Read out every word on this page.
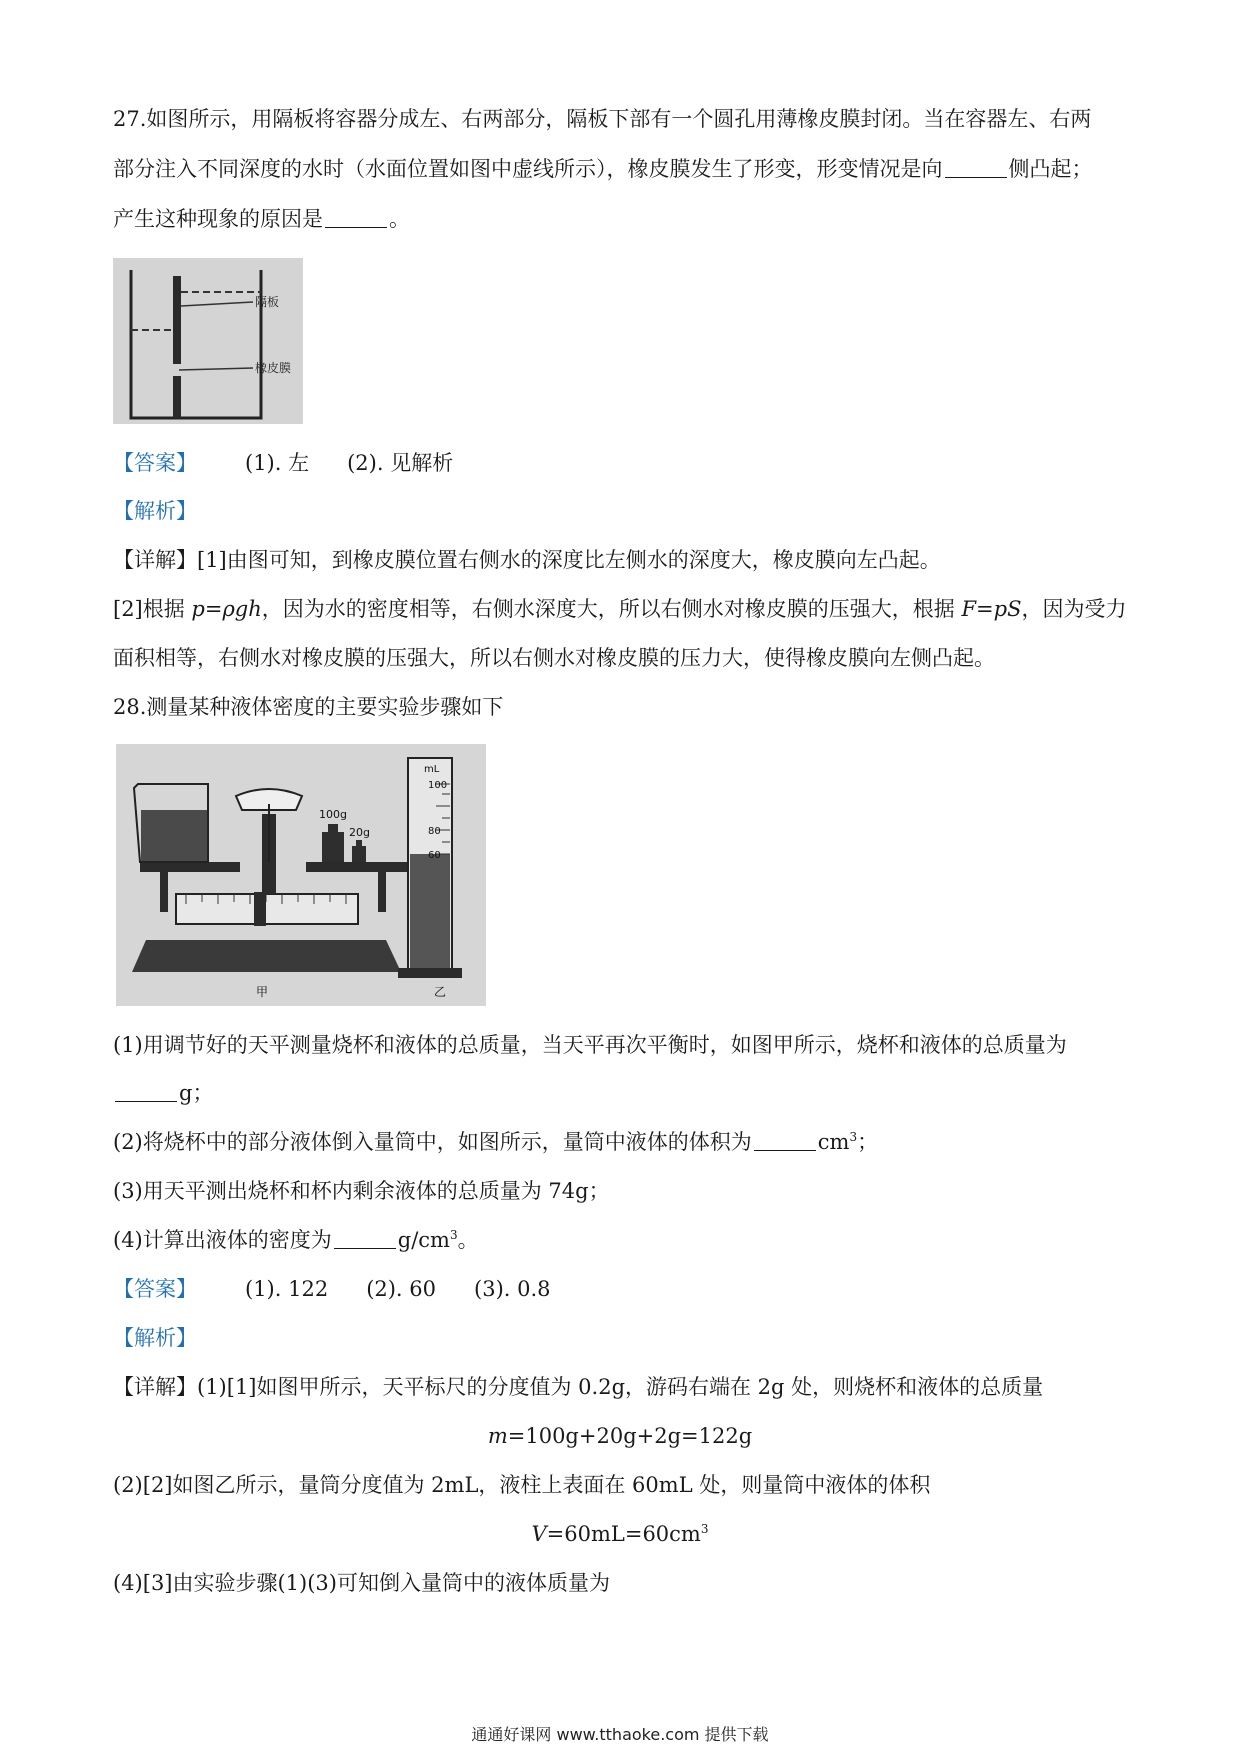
27.如图所示，用隔板将容器分成左、右两部分，隔板下部有一个圆孔用薄橡皮膜封闭。当在容器左、右两
部分注入不同深度的水时（水面位置如图中虚线所示），橡皮膜发生了形变，形变情况是向	侧凸起；
产生这种现象的原因是	。
隔板
橡皮膜
【答案】 (1). 左 (2). 见解析
【解析】
【详解】[1]由图可知，到橡皮膜位置右侧水的深度比左侧水的深度大，橡皮膜向左凸起。
[2]根据 p=ρgh，因为水的密度相等，右侧水深度大，所以右侧水对橡皮膜的压强大，根据 F=pS，因为受力
面积相等，右侧水对橡皮膜的压强大，所以右侧水对橡皮膜的压力大，使得橡皮膜向左侧凸起。
28.测量某种液体密度的主要实验步骤如下
100g
20g
mL
100
80
60
甲	乙
(1)用调节好的天平测量烧杯和液体的总质量，当天平再次平衡时，如图甲所示，烧杯和液体的总质量为
g；
(2)将烧杯中的部分液体倒入量筒中，如图所示，量筒中液体的体积为	$cm^3$；
(3)用天平测出烧杯和杯内剩余液体的总质量为 74g；
(4)计算出液体的密度为	$g/cm^3$。
【答案】 (1). 122 (2). 60 (3). 0.8
【解析】
【详解】(1)[1]如图甲所示，天平标尺的分度值为 0.2g，游码右端在 2g 处，则烧杯和液体的总质量
m=100g+20g+2g=122g
(2)[2]如图乙所示，量筒分度值为 2mL，液柱上表面在 60mL 处，则量筒中液体的体积
$V=60mL=60cm^3$
(4)[3]由实验步骤(1)(3)可知倒入量筒中的液体质量为
通通好课网 www.tthaoke.com 提供下载
